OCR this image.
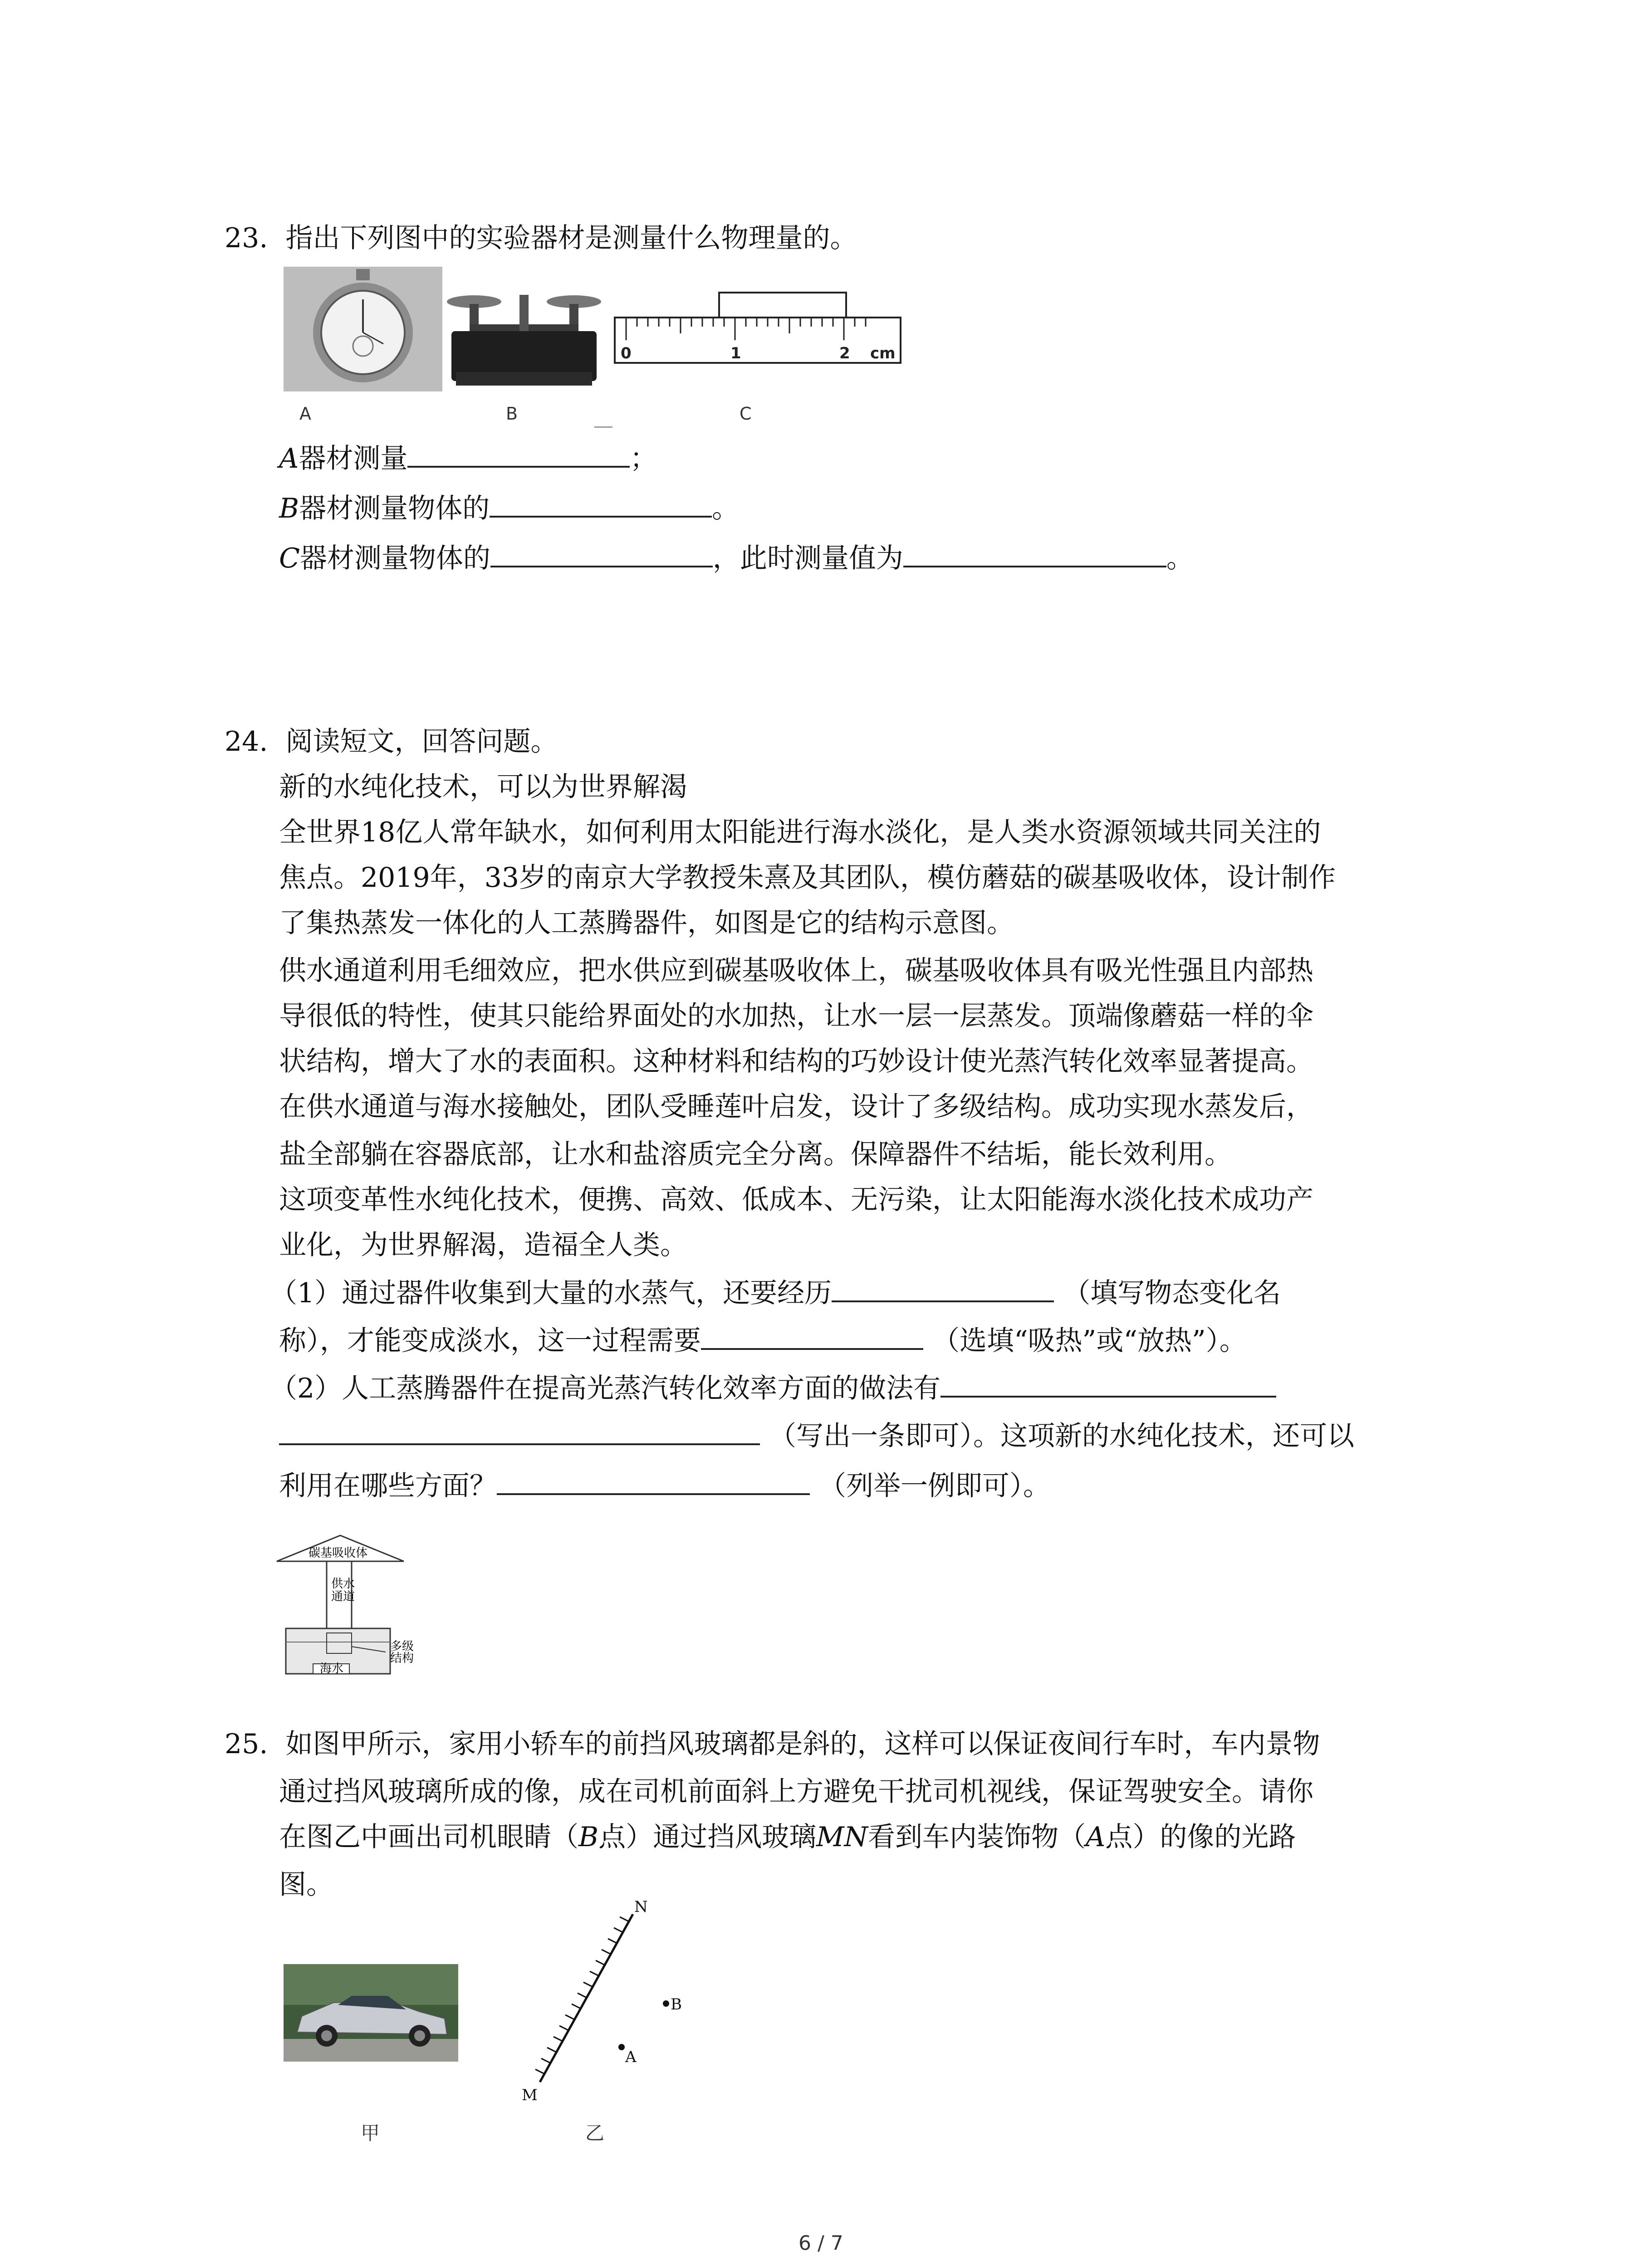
23. 指出下列图中的实验器材是测量什么物理量的。
0	1	2 cm
A	B	C
A器材测量	；
B器材测量物体的	。
C器材测量物体的	，此时测量值为	。
24. 阅读短文，回答问题。
新的水纯化技术，可以为世界解渴
全世界18亿人常年缺水，如何利用太阳能进行海水淡化，是人类水资源领域共同关注的
焦点。2019年，33岁的南京大学教授朱熹及其团队，模仿蘑菇的碳基吸收体，设计制作
了集热蒸发一体化的人工蒸腾器件，如图是它的结构示意图。
供水通道利用毛细效应，把水供应到碳基吸收体上，碳基吸收体具有吸光性强且内部热
导很低的特性，使其只能给界面处的水加热，让水一层一层蒸发。顶端像蘑菇一样的伞
状结构，增大了水的表面积。这种材料和结构的巧妙设计使光蒸汽转化效率显著提高。
在供水通道与海水接触处，团队受睡莲叶启发，设计了多级结构。成功实现水蒸发后，
盐全部躺在容器底部，让水和盐溶质完全分离。保障器件不结垢，能长效利用。
这项变革性水纯化技术，便携、高效、低成本、无污染，让太阳能海水淡化技术成功产
业化，为世界解渴，造福全人类。
（1）通过器件收集到大量的水蒸气，还要经历	（填写物态变化名
称），才能变成淡水，这一过程需要	（选填“吸热”或“放热”）。
（2）人工蒸腾器件在提高光蒸汽转化效率方面的做法有
（写出一条即可）。这项新的水纯化技术，还可以
利用在哪些方面？	（列举一例即可）。
碳基吸收体
供水
通道
多级
结构
海水
25. 如图甲所示，家用小轿车的前挡风玻璃都是斜的，这样可以保证夜间行车时，车内景物
通过挡风玻璃所成的像，成在司机前面斜上方避免干扰司机视线，保证驾驶安全。请你
在图乙中画出司机眼睛（B点）通过挡风玻璃MN看到车内装饰物（A点）的像的光路
图。
甲
N
M
A
B
乙
6 / 7
